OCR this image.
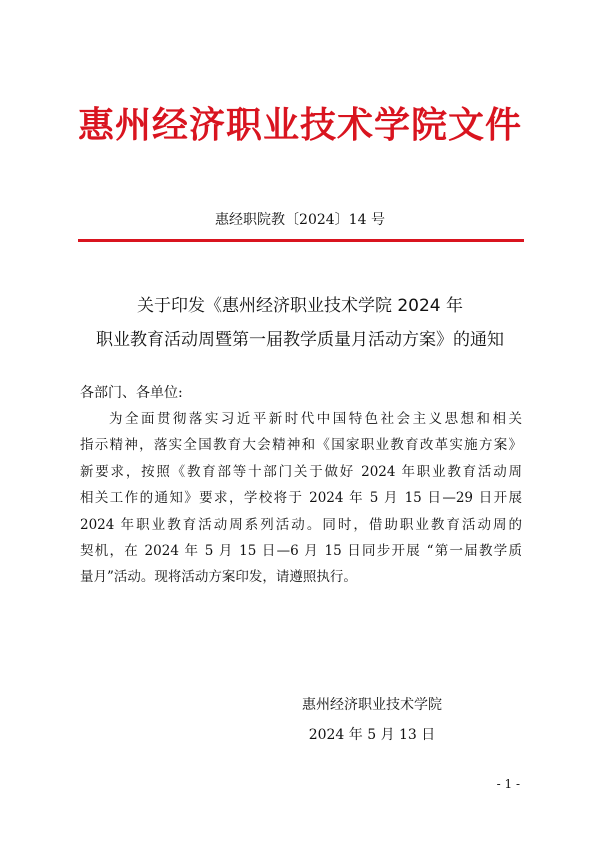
惠州经济职业技术学院文件
惠经职院教〔2024〕14 号
关于印发《惠州经济职业技术学院 2024 年
职业教育活动周暨第一届教学质量月活动方案》的通知
各部门、各单位:
为全面贯彻落实习近平新时代中国特色社会主义思想和相关
指示精神，落实全国教育大会精神和《国家职业教育改革实施方案》
新要求，按照《教育部等十部门关于做好 2024 年职业教育活动周
相关工作的通知》要求，学校将于 2024 年 5 月 15 日—29 日开展
2024 年职业教育活动周系列活动。同时，借助职业教育活动周的
契机，在 2024 年 5 月 15 日—6 月 15 日同步开展 “第一届教学质
量月”活动。现将活动方案印发，请遵照执行。
惠州经济职业技术学院
2024 年 5 月 13 日
- 1 -
